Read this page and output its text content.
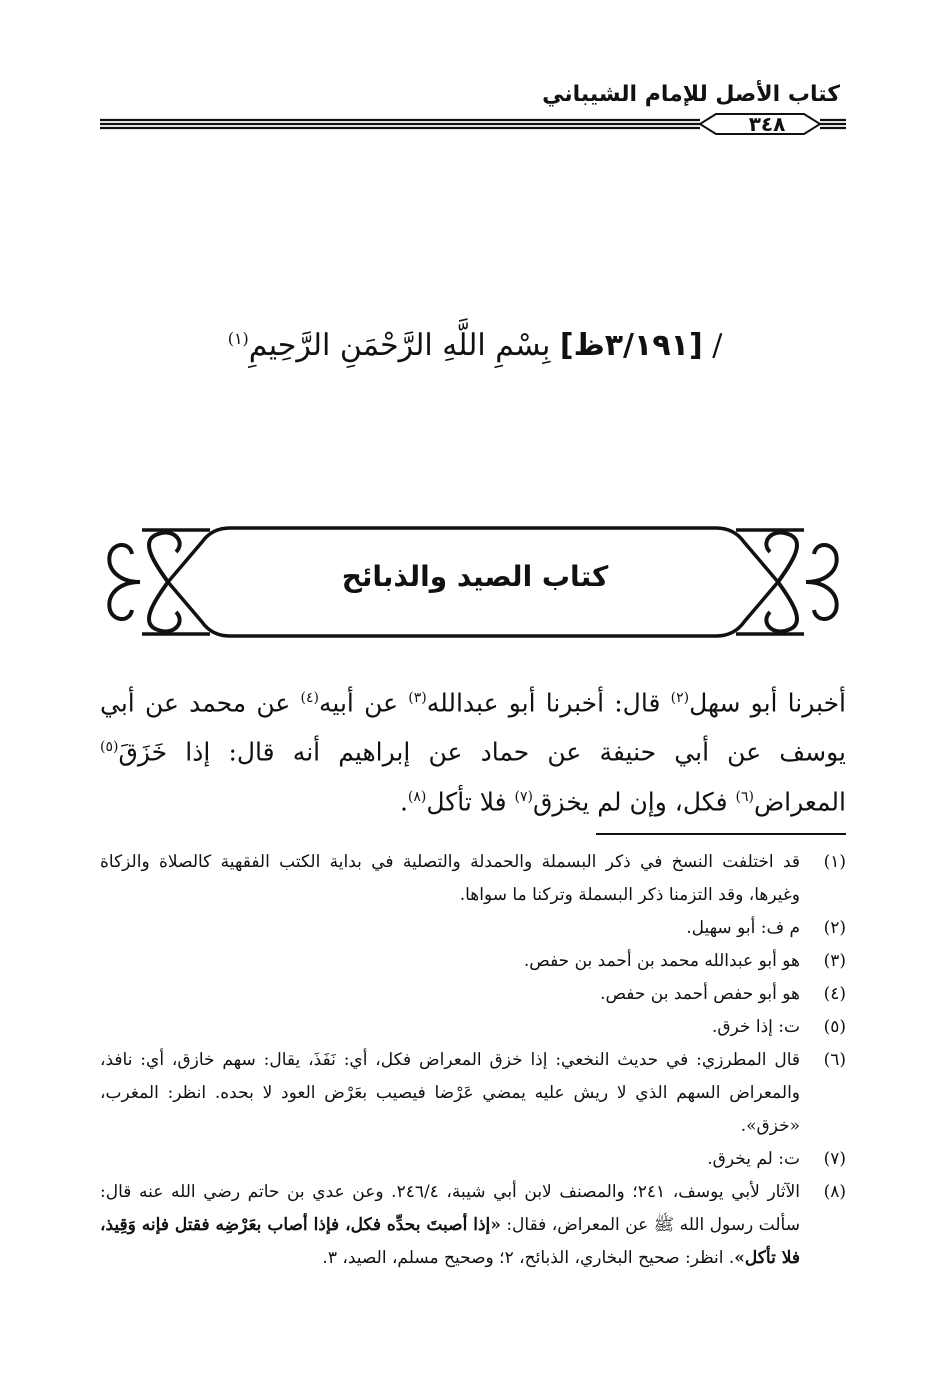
كتاب الأصل للإمام الشيباني
٣٤٨
/ [٣/١٩١ظ] بِسْمِ اللَّهِ الرَّحْمَنِ الرَّحِيمِ$^{(١)}$
كتاب الصيد والذبائح
أخبرنا أبو سهل$^{(٢)}$ قال: أخبرنا أبو عبدالله$^{(٣)}$ عن أبيه$^{(٤)}$ عن محمد عن أبي يوسف عن أبي حنيفة عن حماد عن إبراهيم أنه قال: إذا خَزَقَ$^{(٥)}$ المعراض$^{(٦)}$ فكل، وإن لم يخزق$^{(٧)}$ فلا تأكل$^{(٨)}$.
(١)
قد اختلفت النسخ في ذكر البسملة والحمدلة والتصلية في بداية الكتب الفقهية كالصلاة والزكاة وغيرها، وقد التزمنا ذكر البسملة وتركنا ما سواها.
(٢)
م ف: أبو سهيل.
(٣)
هو أبو عبدالله محمد بن أحمد بن حفص.
(٤)
هو أبو حفص أحمد بن حفص.
(٥)
ت: إذا خرق.
(٦)
قال المطرزي: في حديث النخعي: إذا خزق المعراض فكل، أي: نَفَذَ، يقال: سهم خازق، أي: نافذ، والمعراض السهم الذي لا ريش عليه يمضي عَرْضا فيصيب بعَرْض العود لا بحده. انظر: المغرب، «خزق».
(٧)
ت: لم يخرق.
(٨)
الآثار لأبي يوسف، ٢٤١؛ والمصنف لابن أبي شيبة، ٢٤٦/٤. وعن عدي بن حاتم رضي الله عنه قال: سألت رسول الله ﷺ عن المعراض، فقال: «إذا أصبتَ بحدِّه فكل، فإذا أصاب بعَرْضِه فقتل فإنه وَقِيذ، فلا تأكل». انظر: صحيح البخاري، الذبائح، ٢؛ وصحيح مسلم، الصيد، ٣.
